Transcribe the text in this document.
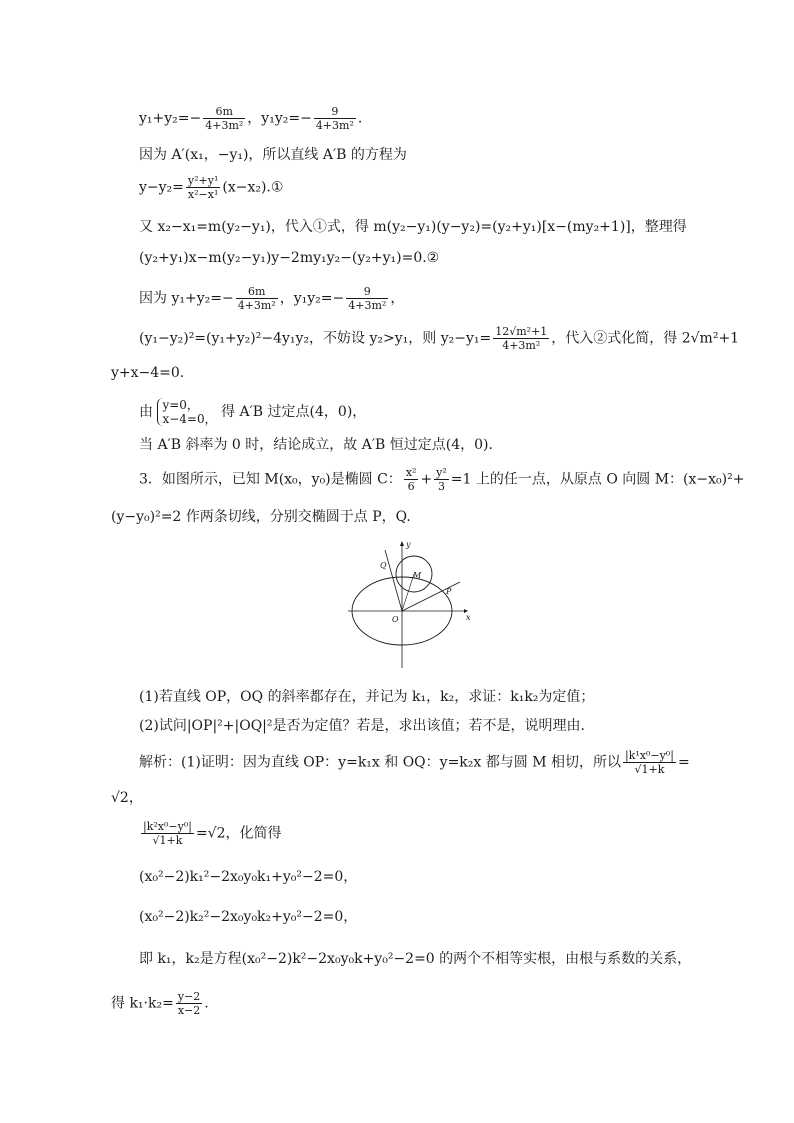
$y_1+y_2=- \frac{6m}{\text{4+3m²}}$ ，$y_1y_2=- \frac{9}{\text{4+3m²}}$ .
因为 A′(x₁，−y₁)，所以直线 A′B 的方程为
$y-y_2= \frac{\text{y²+y¹}}{\text{x²−x¹}}$ (x−x₂).①
又 x₂−x₁=m(y₂−y₁)，代入①式，得 m(y₂−y₁)(y−y₂)=(y₂+y₁)[x−(my₂+1)]，整理得
(y₂+y₁)x−m(y₂−y₁)y−2my₁y₂−(y₂+y₁)=0.②
因为 $y_1+y_2=- \frac{6m}{\text{4+3m²}}$ ，$y_1y_2=- \frac{9}{\text{4+3m²}}$ ，
(y₁−y₂)²=(y₁+y₂)²−4y₁y₂，不妨设 y₂>y₁，则 $y_2-y_1= \frac{\text{12√m²+1}}{\text{4+3m²}}$ ，代入②式化简，得 2√m²+1
y+x−4=0.
由 y=0，
x−4=0， 得 A′B 过定点(4，0)，
当 A′B 斜率为 0 时，结论成立，故 A′B 恒过定点(4，0).
3．如图所示，已知 M(x₀，y₀)是椭圆 C： $\frac{\text{x²}}{6} + \frac{\text{y²}}{3} =1$ 上的任一点，从原点 O 向圆 M：(x−x₀)²+
(y−y₀)²=2 作两条切线，分别交椭圆于点 P，Q.
y
x
O
Q
M
P
(1)若直线 OP，OQ 的斜率都存在，并记为 k₁，k₂，求证：k₁k₂为定值；
(2)试问|OP|²+|OQ|²是否为定值？若是，求出该值；若不是，说明理由.
解析：(1)证明：因为直线 OP：y=k₁x 和 OQ：y=k₂x 都与圆 M 相切，所以 $\frac{\text{|k¹x⁰−y⁰|}}{√1+k}$ =
√2，
$\frac{\text{|k²x⁰−y⁰|}}{√1+k} =√2$，化简得
(x₀²−2)k₁²−2x₀y₀k₁+y₀²−2=0，
(x₀²−2)k₂²−2x₀y₀k₂+y₀²−2=0，
即 k₁，k₂是方程(x₀²−2)k²−2x₀y₀k+y₀²−2=0 的两个不相等实根，由根与系数的关系，
得 $k_1\cdot k_2= \frac{y-2}{x-2}$ .
